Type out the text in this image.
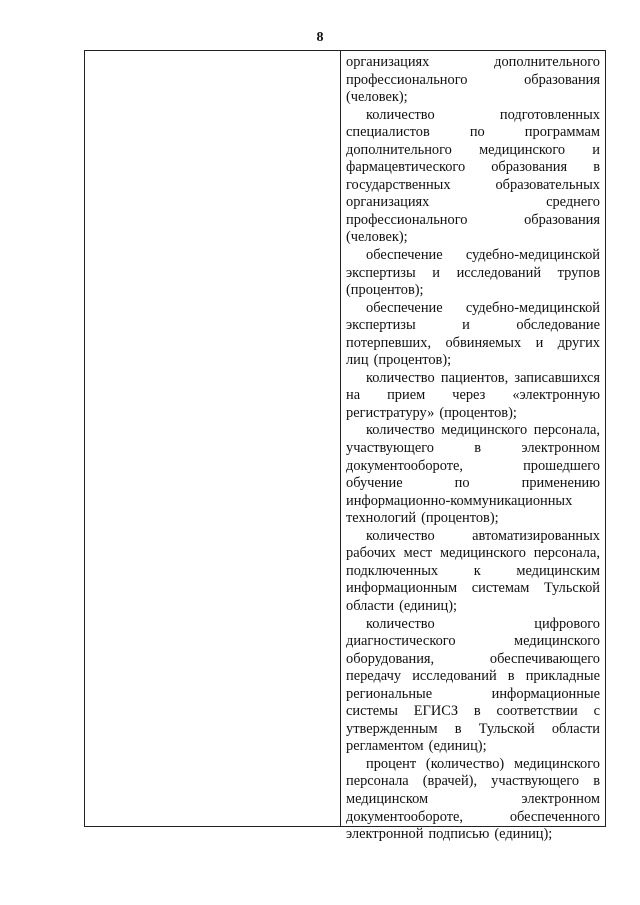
8
организациях	дополнительного
профессионального	образования
(человек);
количество	подготовленных
специалистов	по	программам
дополнительного медицинского и
фармацевтического образования в
государственных	образовательных
организациях	среднего
профессионального	образования
(человек);
обеспечение судебно-медицинской
экспертизы и исследований трупов
(процентов);
обеспечение судебно-медицинской
экспертизы	и	обследование
потерпевших, обвиняемых и других
лиц (процентов);
количество пациентов, записавшихся
на прием через «электронную
регистратуру» (процентов);
количество медицинского персонала,
участвующего	в	электронном
документообороте,	прошедшего
обучение	по	применению
информационно-коммуникационных
технологий (процентов);
количество	автоматизированных
рабочих мест медицинского персонала,
подключенных к медицинским
информационным системам Тульской
области (единиц);
количество	цифрового
диагностического	медицинского
оборудования,	обеспечивающего
передачу исследований в прикладные
региональные	информационные
системы ЕГИСЗ в соответствии с
утвержденным в Тульской области
регламентом (единиц);
процент (количество) медицинского
персонала (врачей), участвующего в
медицинском	электронном
документообороте,	обеспеченного
электронной подписью (единиц);
